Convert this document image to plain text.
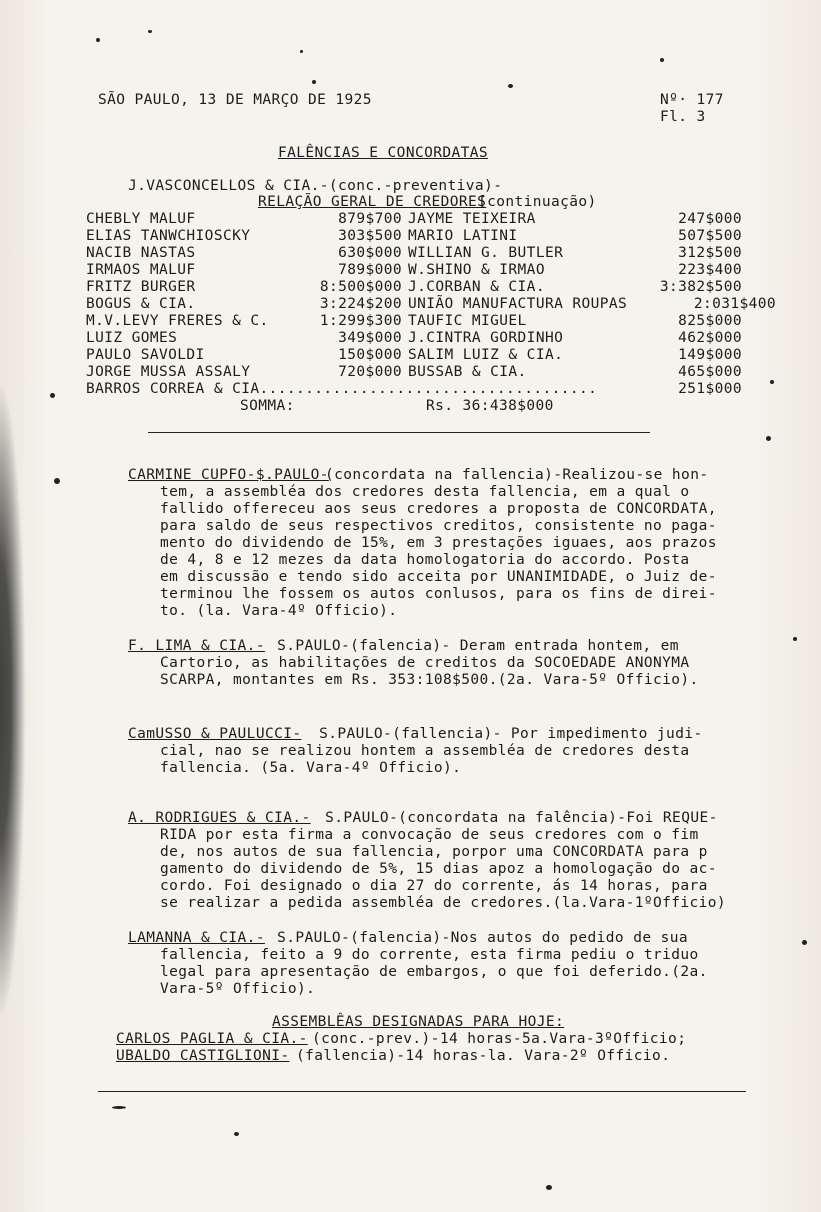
SÃO PAULO, 13 DE MARÇO DE 1925	Nº· 177
Fl. 3
FALÊNCIAS E CONCORDATAS
J.VASCONCELLOS & CIA.-(conc.-preventiva)-
RELAÇÃO GERAL DE CREDORES
[continuação)
CHEBLY MALUF	879$700 JAYME TEIXEIRA	247$000
ELIAS TANWCHIOSCKY	303$500 MARIO LATINI	507$500
NACIB NASTAS	630$000 WILLIAN G. BUTLER	312$500
IRMAOS MALUF	789$000 W.SHINO & IRMAO	223$400
FRITZ BURGER	8:500$000 J.CORBAN & CIA.	3:382$500
BOGUS & CIA.	3:224$200 UNIÃO MANUFACTURA ROUPAS	2:031$400
M.V.LEVY FRERES & C.	1:299$300 TAUFIC MIGUEL	825$000
LUIZ GOMES	349$000 J.CINTRA GORDINHO	462$000
PAULO SAVOLDI	150$000 SALIM LUIZ & CIA.	149$000
JORGE MUSSA ASSALY	720$000 BUSSAB & CIA.	465$000
BARROS CORREA & CIA.....................................	251$000
SOMMA:	Rs. 36:438$000
CARMINE CUPFO-$.PAULO-
(concordata na fallencia)-Realizou-se hon-
tem, a assembléa dos credores desta fallencia, em a qual o
fallido offereceu aos seus credores a proposta de CONCORDATA,
para saldo de seus respectivos creditos, consistente no paga-
mento do dividendo de 15%, em 3 prestações iguaes, aos prazos
de 4, 8 e 12 mezes da data homologatoria do accordo. Posta
em discussão e tendo sido acceita por UNANIMIDADE, o Juiz de-
terminou lhe fossem os autos conlusos, para os fins de direi-
to. (la. Vara-4º Officio).
F. LIMA & CIA.- S.PAULO-(falencia)- Deram entrada hontem, em
Cartorio, as habilitações de creditos da SOCOEDADE ANONYMA
SCARPA, montantes em Rs. 353:108$500.(2a. Vara-5º Officio).
CamUSSO & PAULUCCI- S.PAULO-(fallencia)- Por impedimento judi-
cial, nao se realizou hontem a assembléa de credores desta
fallencia. (5a. Vara-4º Officio).
A. RODRIGUES & CIA.- S.PAULO-(concordata na falência)-Foi REQUE-
RIDA por esta firma a convocação de seus credores com o fim
de, nos autos de sua fallencia, porpor uma CONCORDATA para p
gamento do dividendo de 5%, 15 dias apoz a homologação do ac-
cordo. Foi designado o dia 27 do corrente, ás 14 horas, para
se realizar a pedida assembléa de credores.(la.Vara-1ºOfficio)
LAMANNA & CIA.- S.PAULO-(falencia)-Nos autos do pedido de sua
fallencia, feito a 9 do corrente, esta firma pediu o triduo
legal para apresentação de embargos, o que foi deferido.(2a.
Vara-5º Officio).
ASSEMBLÊAS DESIGNADAS PARA HOJE:
CARLOS PAGLIA & CIA.- (conc.-prev.)-14 horas-5a.Vara-3ºOfficio;
UBALDO CASTIGLIONI- (fallencia)-14 horas-la. Vara-2º Officio.
